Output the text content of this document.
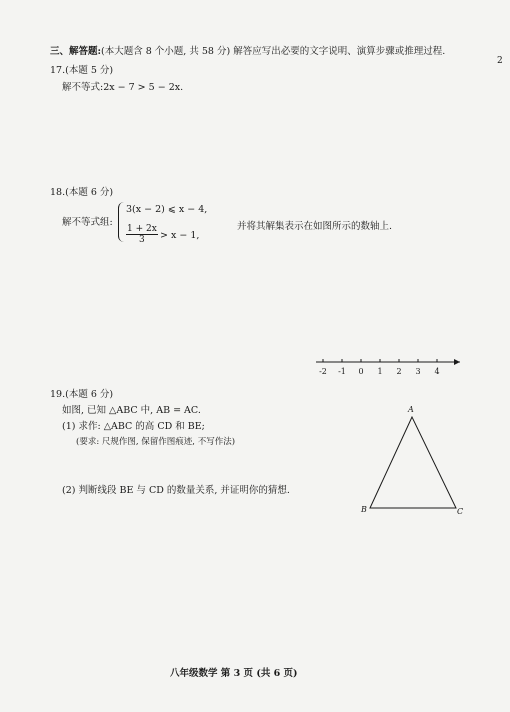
三、解答题:(本大题含 8 个小题, 共 58 分) 解答应写出必要的文字说明、演算步骤或推理过程.
2
17.(本题 5 分)
解不等式:2x − 7 > 5 − 2x.
18.(本题 6 分)
解不等式组:
3(x − 2) ⩽ x − 4,
$\frac{1 + 2x}{3} > x - 1$,
并将其解集表示在如图所示的数轴上.
-2 -1 0 1 2 3 4
A
B	C
19.(本题 6 分)
如图, 已知 △ABC 中, AB = AC.
(1) 求作: △ABC 的高 CD 和 BE;
(要求: 尺规作图, 保留作图痕迹, 不写作法)
(2) 判断线段 BE 与 CD 的数量关系, 并证明你的猜想.
八年级数学 第 3 页 (共 6 页)
